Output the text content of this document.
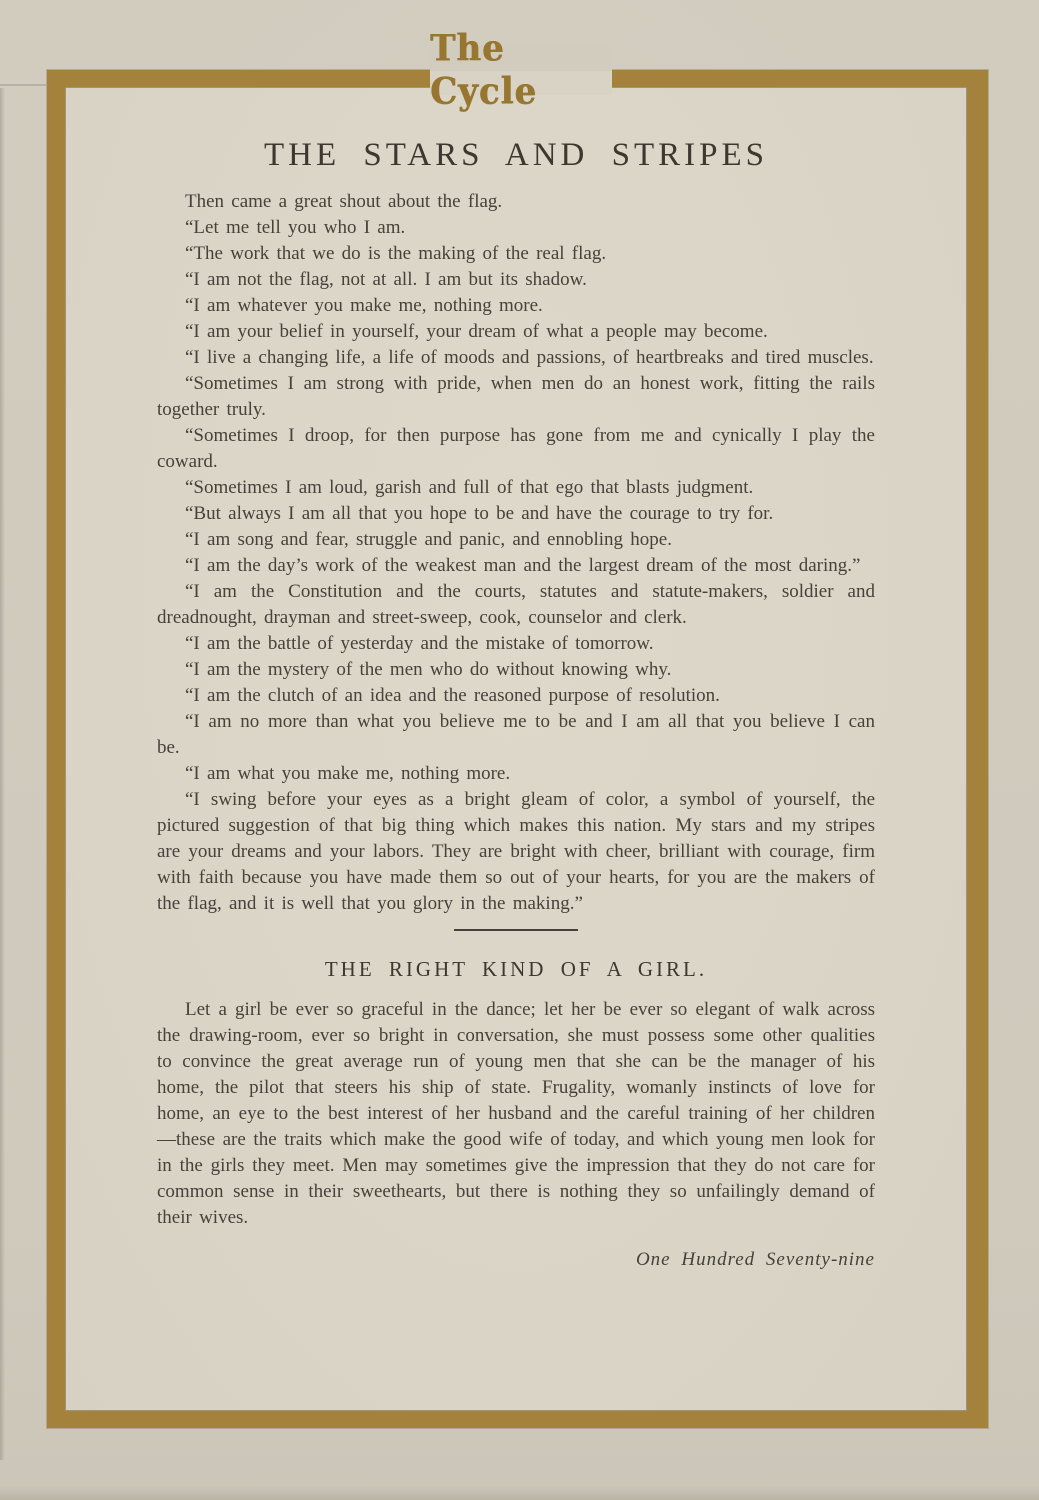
THE STARS AND STRIPES

Then came a great shout about the flag.

“Let me tell you who I am.

“The work that we do is the making of the real flag.

“I am not the flag, not at all. I am but its shadow.

“I am whatever you make me, nothing more.

“I am your belief in yourself, your dream of what a people may become.

“I live a changing life, a life of moods and passions, of heartbreaks and tired muscles.

“Sometimes I am strong with pride, when men do an honest work, fitting the rails together truly.

“Sometimes I droop, for then purpose has gone from me and cynically I play the coward.

“Sometimes I am loud, garish and full of that ego that blasts judgment.

“But always I am all that you hope to be and have the courage to try for.

“I am song and fear, struggle and panic, and ennobling hope.

“I am the day’s work of the weakest man and the largest dream of the most daring.”

“I am the Constitution and the courts, statutes and statute-makers, soldier and dreadnought, drayman and street-sweep, cook, counselor and clerk.

“I am the battle of yesterday and the mistake of tomorrow.

“I am the mystery of the men who do without knowing why.

“I am the clutch of an idea and the reasoned purpose of resolution.

“I am no more than what you believe me to be and I am all that you believe I can be.

“I am what you make me, nothing more.

“I swing before your eyes as a bright gleam of color, a symbol of yourself, the pictured suggestion of that big thing which makes this nation. My stars and my stripes are your dreams and your labors. They are bright with cheer, brilliant with courage, firm with faith because you have made them so out of your hearts, for you are the makers of the flag, and it is well that you glory in the making.”

THE RIGHT KIND OF A GIRL.

Let a girl be ever so graceful in the dance; let her be ever so elegant of walk across the drawing-room, ever so bright in conversation, she must possess some other qualities to convince the great average run of young men that she can be the manager of his home, the pilot that steers his ship of state. Frugality, womanly instincts of love for home, an eye to the best interest of her husband and the careful training of her children—these are the traits which make the good wife of today, and which young men look for in the girls they meet. Men may sometimes give the impression that they do not care for common sense in their sweethearts, but there is nothing they so unfailingly demand of their wives.

One Hundred Seventy-nine
The Cycle
